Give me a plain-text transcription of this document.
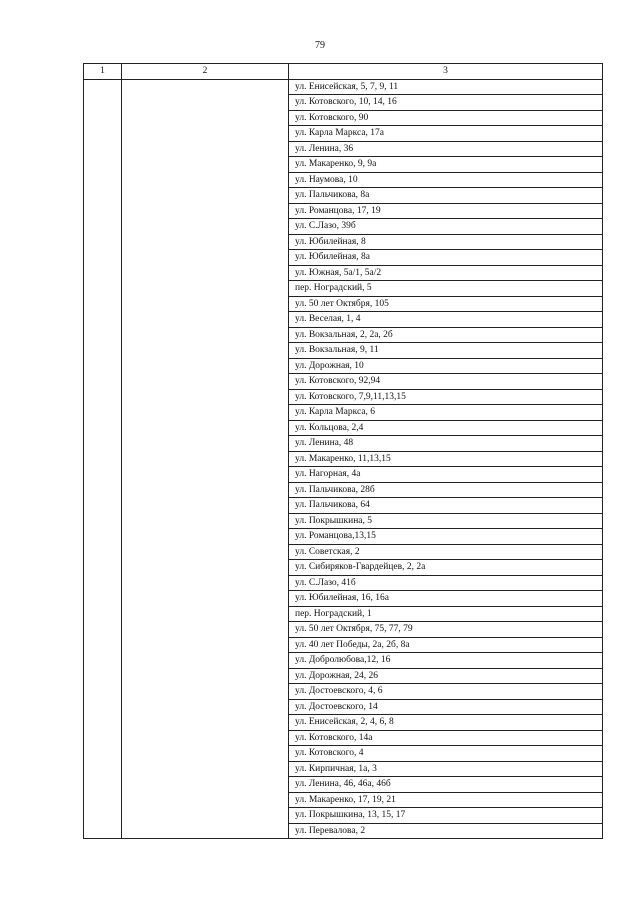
79
1	2	3
		ул. Енисейская, 5, 7, 9, 11
		ул. Котовского, 10, 14, 16
		ул. Котовского, 90
		ул. Карла Маркса, 17а
		ул. Ленина, 36
		ул. Макаренко, 9, 9а
		ул. Наумова, 10
		ул. Пальчикова, 8а
		ул. Романцова, 17, 19
		ул. С.Лазо, 39б
		ул. Юбилейная, 8
		ул. Юбилейная, 8а
		ул. Южная, 5а/1, 5а/2
		пер. Ноградский, 5
		ул. 50 лет Октября, 105
		ул. Веселая, 1, 4
		ул. Вокзальная, 2, 2а, 2б
		ул. Вокзальная, 9, 11
		ул. Дорожная, 10
		ул. Котовского, 92,94
		ул. Котовского, 7,9,11,13,15
		ул. Карла Маркса, 6
		ул. Кольцова, 2,4
		ул. Ленина, 48
		ул. Макаренко, 11,13,15
		ул. Нагорная, 4а
		ул. Пальчикова, 28б
		ул. Пальчикова, 64
		ул. Покрышкина, 5
		ул. Романцова,13,15
		ул. Советская, 2
		ул. Сибиряков-Гвардейцев, 2, 2а
		ул. С.Лазо, 41б
		ул. Юбилейная, 16, 16а
		пер. Ноградский, 1
		ул. 50 лет Октября, 75, 77, 79
		ул. 40 лет Победы, 2а, 2б, 8а
		ул. Добролюбова,12, 16
		ул. Дорожная, 24, 26
		ул. Достоевского, 4, 6
		ул. Достоевского, 14
		ул. Енисейская, 2, 4, 6, 8
		ул. Котовского, 14а
		ул. Котовского, 4
		ул. Кирпичная, 1а, 3
		ул. Ленина, 46, 46а, 46б
		ул. Макаренко, 17, 19, 21
		ул. Покрышкина, 13, 15, 17
		ул. Перевалова, 2
